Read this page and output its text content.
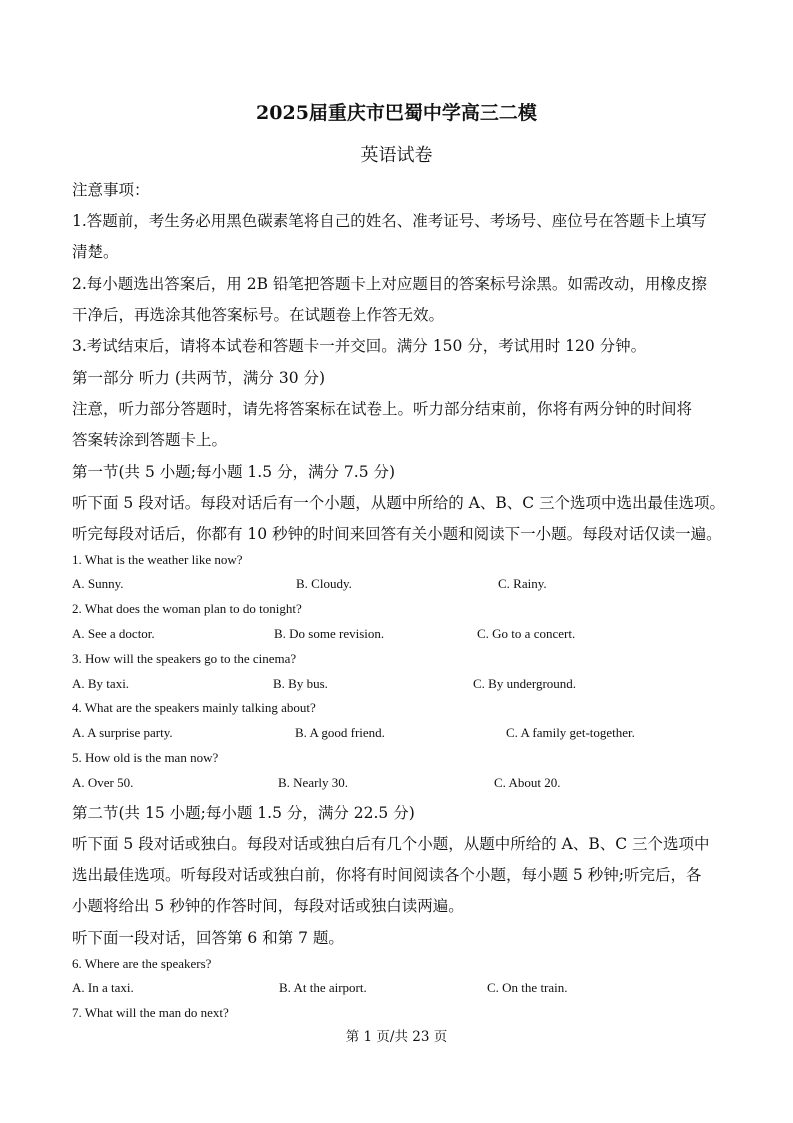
2025届重庆市巴蜀中学高三二模
英语试卷
注意事项：
1.答题前，考生务必用黑色碳素笔将自己的姓名、准考证号、考场号、座位号在答题卡上填写
清楚。
2.每小题选出答案后，用 2B 铅笔把答题卡上对应题目的答案标号涂黑。如需改动，用橡皮擦
干净后，再选涂其他答案标号。在试题卷上作答无效。
3.考试结束后，请将本试卷和答题卡一并交回。满分 150 分，考试用时 120 分钟。
第一部分 听力 (共两节，满分 30 分)
注意，听力部分答题时，请先将答案标在试卷上。听力部分结束前，你将有两分钟的时间将
答案转涂到答题卡上。
第一节(共 5 小题;每小题 1.5 分，满分 7.5 分)
听下面 5 段对话。每段对话后有一个小题，从题中所给的 A、B、C 三个选项中选出最佳选项。
听完每段对话后，你都有 10 秒钟的时间来回答有关小题和阅读下一小题。每段对话仅读一遍。
1. What is the weather like now?
A. Sunny.	B. Cloudy.	C. Rainy.
2. What does the woman plan to do tonight?
A. See a doctor.	B. Do some revision.	C. Go to a concert.
3. How will the speakers go to the cinema?
A. By taxi.	B. By bus.	C. By underground.
4. What are the speakers mainly talking about?
A. A surprise party.	B. A good friend.	C. A family get-together.
5. How old is the man now?
A. Over 50.	B. Nearly 30.	C. About 20.
第二节(共 15 小题;每小题 1.5 分，满分 22.5 分)
听下面 5 段对话或独白。每段对话或独白后有几个小题，从题中所给的 A、B、C 三个选项中
选出最佳选项。听每段对话或独白前，你将有时间阅读各个小题，每小题 5 秒钟;听完后，各
小题将给出 5 秒钟的作答时间，每段对话或独白读两遍。
听下面一段对话，回答第 6 和第 7 题。
6. Where are the speakers?
A. In a taxi.	B. At the airport.	C. On the train.
7. What will the man do next?
第 1 页/共 23 页
